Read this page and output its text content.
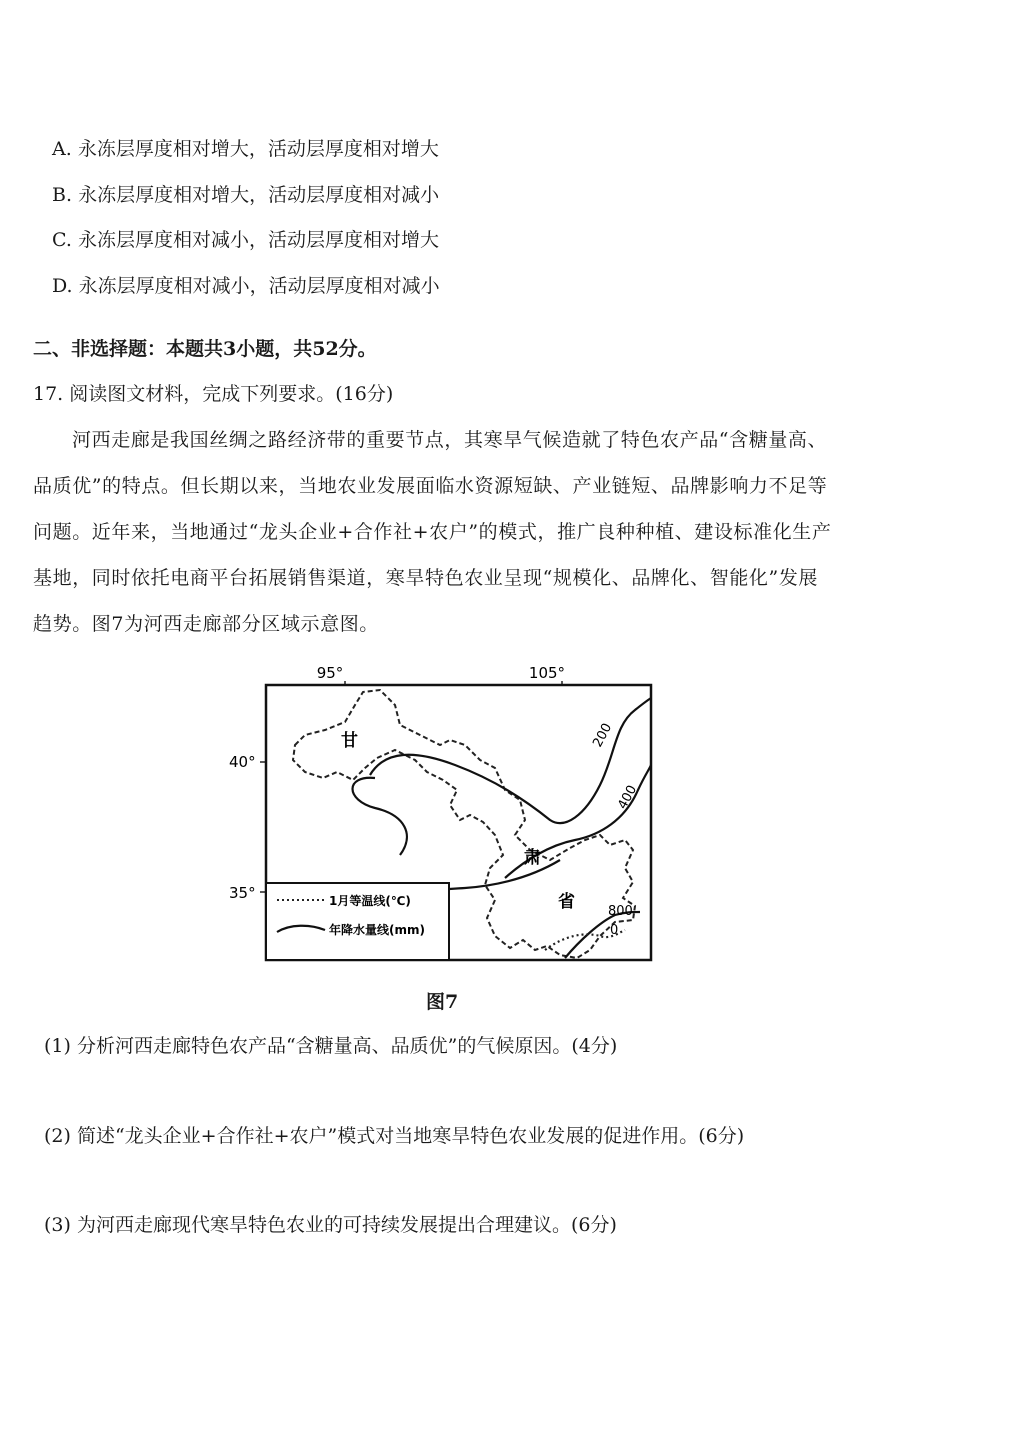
A. 永冻层厚度相对增大，活动层厚度相对增大
B. 永冻层厚度相对增大，活动层厚度相对减小
C. 永冻层厚度相对减小，活动层厚度相对增大
D. 永冻层厚度相对减小，活动层厚度相对减小
二、非选择题：本题共3小题，共52分。
17. 阅读图文材料，完成下列要求。(16分)
河西走廊是我国丝绸之路经济带的重要节点，其寒旱气候造就了特色农产品“含糖量高、
品质优”的特点。但长期以来，当地农业发展面临水资源短缺、产业链短、品牌影响力不足等
问题。近年来，当地通过“龙头企业+合作社+农户”的模式，推广良种种植、建设标准化生产
基地，同时依托电商平台拓展销售渠道，寒旱特色农业呈现“规模化、品牌化、智能化”发展
趋势。图7为河西走廊部分区域示意图。
95°	105°
40°
35°
200
400
800
0
甘
肃
省
1月等温线(℃)
年降水量线(mm)
图7
(1) 分析河西走廊特色农产品“含糖量高、品质优”的气候原因。(4分)
(2) 简述“龙头企业+合作社+农户”模式对当地寒旱特色农业发展的促进作用。(6分)
(3) 为河西走廊现代寒旱特色农业的可持续发展提出合理建议。(6分)
